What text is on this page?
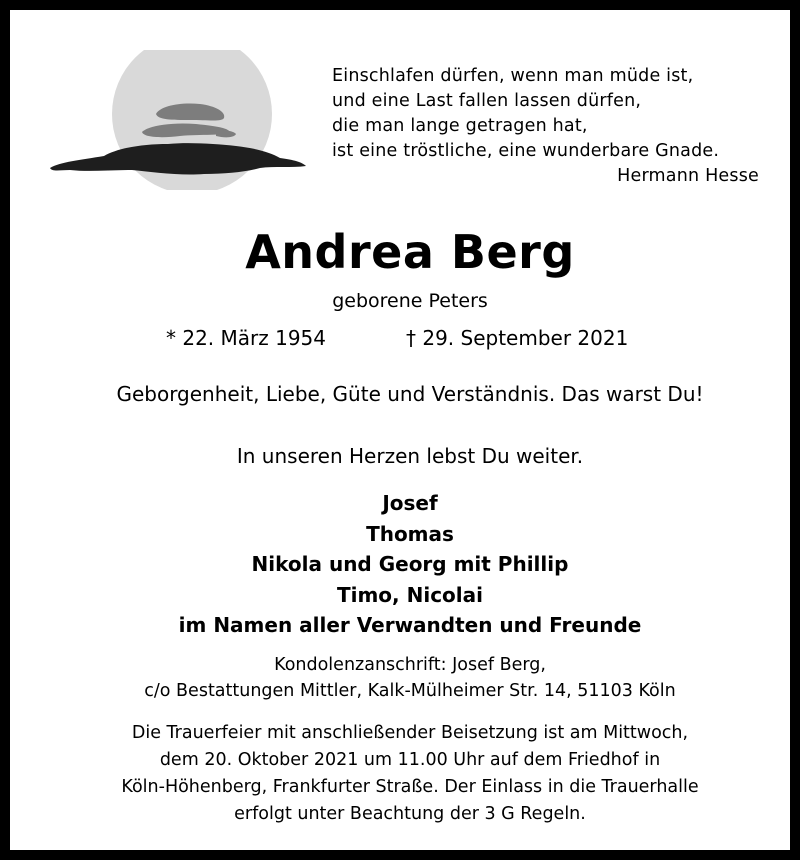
Einschlafen dürfen, wenn man müde ist,
und eine Last fallen lassen dürfen,
die man lange getragen hat,
ist eine tröstliche, eine wunderbare Gnade.
Hermann Hesse
Andrea Berg
geborene Peters
* 22. März 1954	† 29. September 2021
Geborgenheit, Liebe, Güte und Verständnis. Das warst Du!
In unseren Herzen lebst Du weiter.
Josef
Thomas
Nikola und Georg mit Phillip
Timo, Nicolai
im Namen aller Verwandten und Freunde
Kondolenzanschrift: Josef Berg,
c/o Bestattungen Mittler, Kalk-Mülheimer Str. 14, 51103 Köln
Die Trauerfeier mit anschließender Beisetzung ist am Mittwoch,
dem 20. Oktober 2021 um 11.00 Uhr auf dem Friedhof in
Köln-Höhenberg, Frankfurter Straße. Der Einlass in die Trauerhalle
erfolgt unter Beachtung der 3 G Regeln.
